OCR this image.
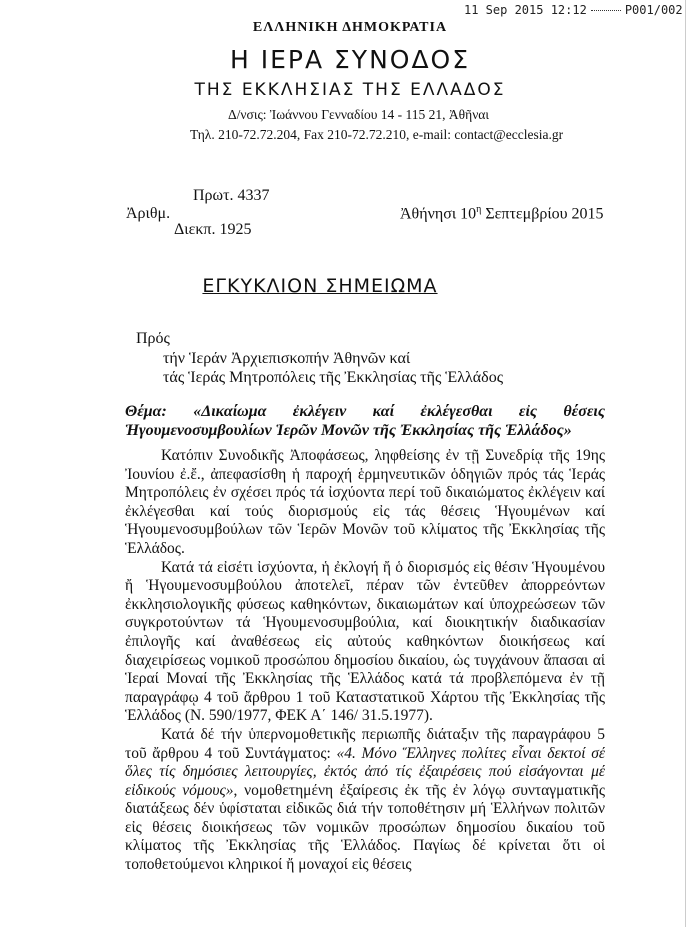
11 Sep 2015 12:12	P001/002
ΕΛΛΗΝΙΚΗ ΔΗΜΟΚΡΑΤΙΑ
Η ΙΕΡΑ ΣΥΝΟΔΟΣ
ΤΗΣ ΕΚΚΛΗΣΙΑΣ ΤΗΣ ΕΛΛΑΔΟΣ
Δ/νσις: Ἰωάννου Γενναδίου 14 - 115 21, Ἀθῆναι
Τηλ. 210-72.72.204, Fax 210-72.72.210, e-mail: contact@ecclesia.gr
Πρωτ. 4337
Ἀριθμ.
Διεκπ. 1925
Ἀθήνησι $10^\eta$ Σεπτεμβρίου 2015
ΕΓΚΥΚΛΙΟΝ ΣΗΜΕΙΩΜΑ
Πρός
τήν Ἱεράν Ἀρχιεπισκοπήν Ἀθηνῶν καί
τάς Ἱεράς Μητροπόλεις τῆς Ἐκκλησίας τῆς Ἑλλάδος
Θέμα: «Δικαίωμα ἐκλέγειν καί ἐκλέγεσθαι εἰς θέσεις Ἡγουμενοσυμβουλίων Ἱερῶν Μονῶν τῆς Ἐκκλησίας τῆς Ἑλλάδος»

Κατόπιν Συνοδικῆς Ἀποφάσεως, ληφθείσης ἐν τῇ Συνεδρίᾳ τῆς 19ης Ἰουνίου ἐ.ἔ., ἀπεφασίσθη ἡ παροχή ἑρμηνευτικῶν ὁδηγιῶν πρός τάς Ἱεράς Μητροπόλεις ἐν σχέσει πρός τά ἰσχύοντα περί τοῦ δικαιώματος ἐκλέγειν καί ἐκλέγεσθαι καί τούς διορισμούς εἰς τάς θέσεις Ἡγουμένων καί Ἡγουμενοσυμβούλων τῶν Ἱερῶν Μονῶν τοῦ κλίματος τῆς Ἐκκλησίας τῆς Ἑλλάδος.

Κατά τά εἰσέτι ἰσχύοντα, ἡ ἐκλογή ἤ ὁ διορισμός εἰς θέσιν Ἡγουμένου ἤ Ἡγουμενοσυμβούλου ἀποτελεῖ, πέραν τῶν ἐντεῦθεν ἀπορρεόντων ἐκκλησιολογικῆς φύσεως καθηκόντων, δικαιωμάτων καί ὑποχρεώσεων τῶν συγκροτούντων τά Ἡγουμενοσυμβούλια, καί διοικητικήν διαδικασίαν ἐπιλογῆς καί ἀναθέσεως εἰς αὐτούς καθηκόντων διοικήσεως καί διαχειρίσεως νομικοῦ προσώπου δημοσίου δικαίου, ὡς τυγχάνουν ἅπασαι αἱ Ἱεραί Μοναί τῆς Ἐκκλησίας τῆς Ἑλλάδος κατά τά προβλεπόμενα ἐν τῇ παραγράφῳ 4 τοῦ ἄρθρου 1 τοῦ Καταστατικοῦ Χάρτου τῆς Ἐκκλησίας τῆς Ἑλλάδος (Ν. 590/1977, ΦΕΚ Α΄ 146/ 31.5.1977).

Κατά δέ τήν ὑπερνομοθετικῆς περιωπῆς διάταξιν τῆς παραγράφου 5 τοῦ ἄρθρου 4 τοῦ Συντάγματος: «4. Μόνο Ἕλληνες πολίτες εἶναι δεκτοί σέ ὅλες τίς δημόσιες λειτουργίες, ἐκτός ἀπό τίς ἐξαιρέσεις πού εἰσάγονται μέ εἰδικούς νόμους», νομοθετημένη ἐξαίρεσις ἐκ τῆς ἐν λόγῳ συνταγματικῆς διατάξεως δέν ὑφίσταται εἰδικῶς διά τήν τοποθέτησιν μή Ἑλλήνων πολιτῶν εἰς θέσεις διοικήσεως τῶν νομικῶν προσώπων δημοσίου δικαίου τοῦ κλίματος τῆς Ἐκκλησίας τῆς Ἑλλάδος. Παγίως δέ κρίνεται ὅτι οἱ τοποθετούμενοι κληρικοί ἤ μοναχοί εἰς θέσεις
